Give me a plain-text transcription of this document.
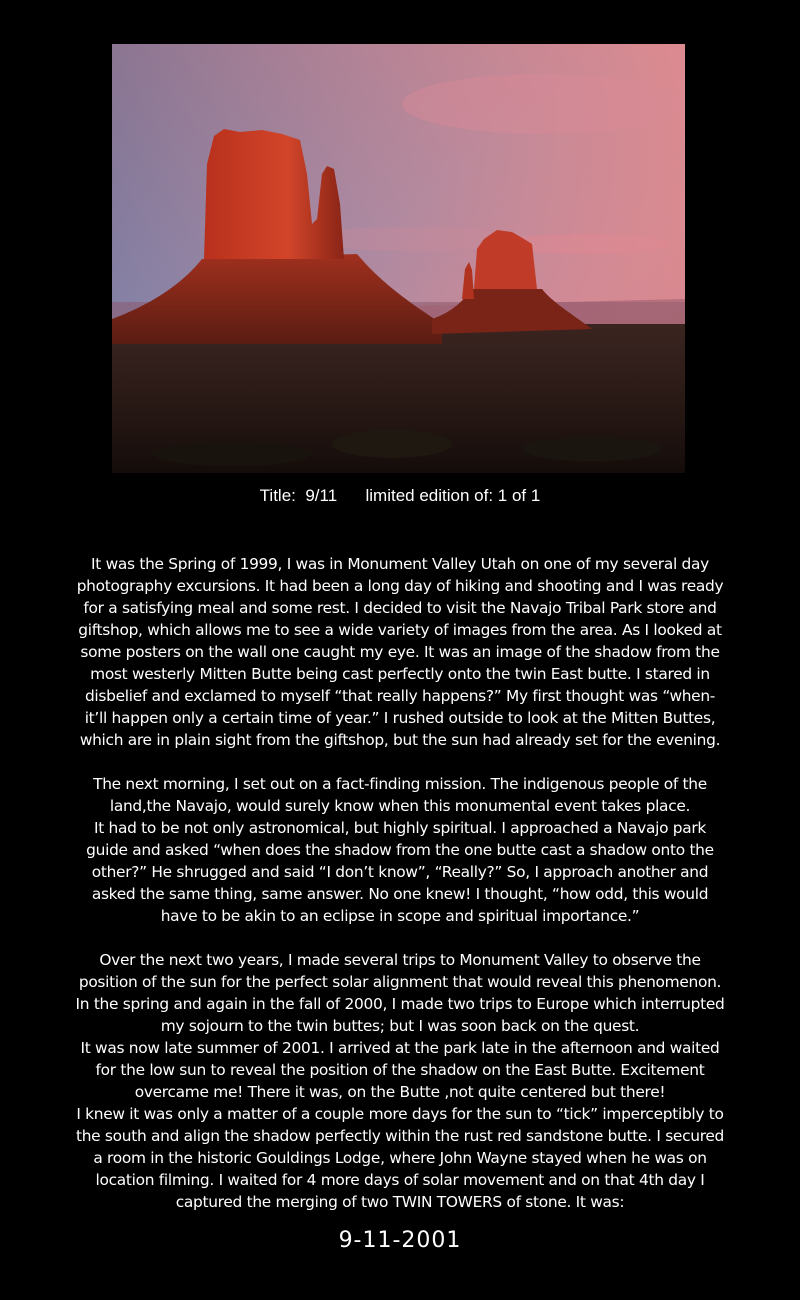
Title:  9/11 limited edition of: 1 of 1

It was the Spring of 1999, I was in Monument Valley Utah on one of my several day
photography excursions. It had been a long day of hiking and shooting and I was ready
for a satisfying meal and some rest. I decided to visit the Navajo Tribal Park store and
giftshop, which allows me to see a wide variety of images from the area. As I looked at
some posters on the wall one caught my eye. It was an image of the shadow from the
most westerly Mitten Butte being cast perfectly onto the twin East butte. I stared in
disbelief and exclamed to myself “that really happens?” My first thought was “when-
it’ll happen only a certain time of year.” I rushed outside to look at the Mitten Buttes,
which are in plain sight from the giftshop, but the sun had already set for the evening.

The next morning, I set out on a fact-finding mission. The indigenous people of the
land,the Navajo, would surely know when this monumental event takes place.
It had to be not only astronomical, but highly spiritual. I approached a Navajo park
guide and asked “when does the shadow from the one butte cast a shadow onto the
other?” He shrugged and said “I don’t know”, “Really?” So, I approach another and
asked the same thing, same answer. No one knew! I thought, “how odd, this would
have to be akin to an eclipse in scope and spiritual importance.”

Over the next two years, I made several trips to Monument Valley to observe the
position of the sun for the perfect solar alignment that would reveal this phenomenon.
In the spring and again in the fall of 2000, I made two trips to Europe which interrupted
my sojourn to the twin buttes; but I was soon back on the quest.
It was now late summer of 2001. I arrived at the park late in the afternoon and waited
for the low sun to reveal the position of the shadow on the East Butte. Excitement
overcame me! There it was, on the Butte ,not quite centered but there!
I knew it was only a matter of a couple more days for the sun to “tick” imperceptibly to
the south and align the shadow perfectly within the rust red sandstone butte. I secured
a room in the historic Gouldings Lodge, where John Wayne stayed when he was on
location filming. I waited for 4 more days of solar movement and on that 4th day I
captured the merging of two TWIN TOWERS of stone. It was:

9-11-2001
